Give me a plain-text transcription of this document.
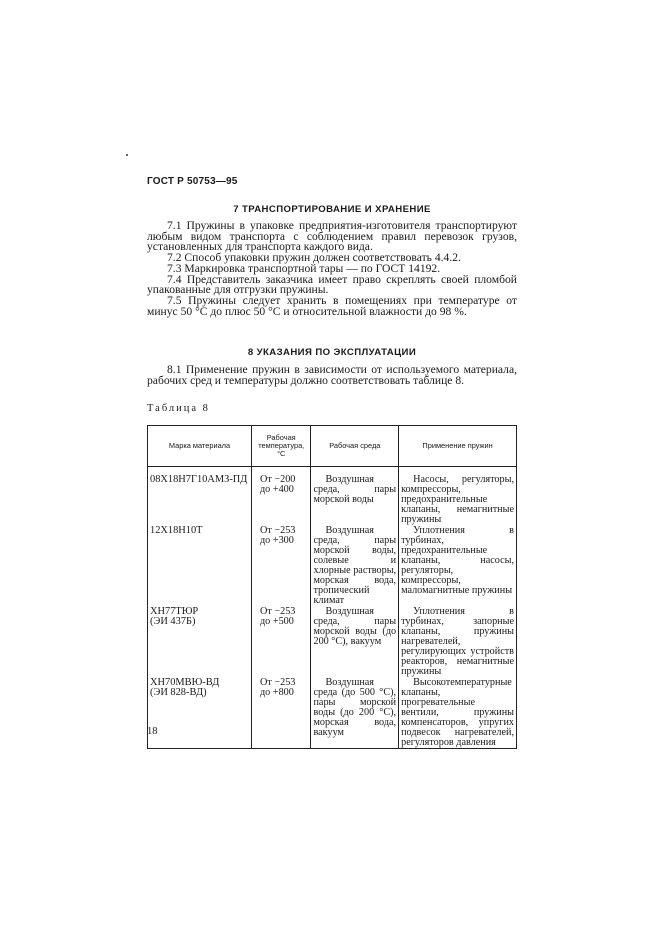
ГОСТ Р 50753—95
7 ТРАНСПОРТИРОВАНИЕ И ХРАНЕНИЕ

7.1 Пружины в упаковке предприятия-изготовителя транспортируют любым видом транспорта с соблюдением правил перевозок грузов, установленных для транспорта каждого вида.

7.2 Способ упаковки пружин должен соответствовать 4.4.2.

7.3 Маркировка транспортной тары — по ГОСТ 14192.

7.4 Представитель заказчика имеет право скреплять своей пломбой упакованные для отгрузки пружины.

7.5 Пружины следует хранить в помещениях при температуре от минус 50 °С до плюс 50 °С и относительной влажности до 98 %.

8 УКАЗАНИЯ ПО ЭКСПЛУАТАЦИИ

8.1 Применение пружин в зависимости от используемого материала, рабочих сред и температуры должно соответствовать таблице 8.

Таблица 8
Марка материала	Рабочая температура, °С	Рабочая среда	Применение пружин

08Х18Н7Г10АМЗ-ПД	От −200
до +400	Воздушная среда, пары морской воды	Насосы, регуляторы, компрессоры, предохранительные клапаны, немагнитные пружины

12Х18Н10Т	От −253
до +300	Воздушная среда, пары морской воды, солевые и хлорные растворы, морская вода, тропический климат	Уплотнения в турбинах, предохранительные клапаны, насосы, регуляторы, компрессоры, маломагнитные пружины

ХН77ТЮР
(ЭИ 437Б)	От −253
до +500	Воздушная среда, пары морской воды (до 200 °С), вакуум	Уплотнения в турбинах, запорные клапаны, пружины нагревателей, регулирующих устройств реакторов, немагнитные пружины

ХН70МВЮ-ВД
(ЭИ 828-ВД)	От −253
до +800	Воздушная среда (до 500 °С), пары морской воды (до 200 °С), морская вода, вакуум	Высокотемпературные клапаны, прогревательные вентили, пружины компенсаторов, упругих подвесок нагревателей, регуляторов давления
18
